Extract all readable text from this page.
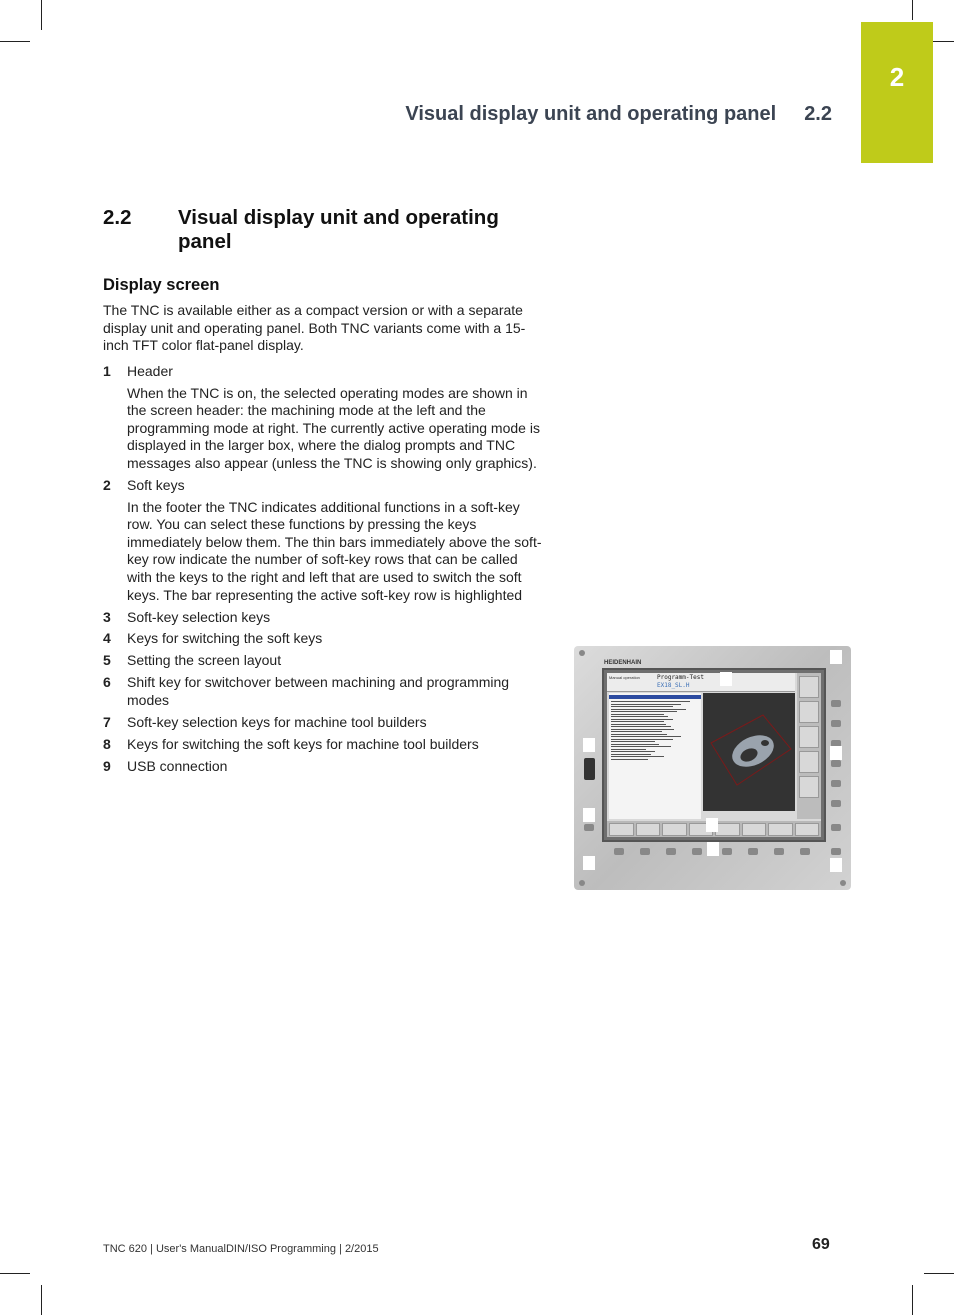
2
Visual display unit and operating panel 2.2
2.2 Visual display unit and operating panel
Display screen
The TNC is available either as a compact version or with a separate display unit and operating panel. Both TNC variants come with a 15-inch TFT color flat-panel display.
1 Header
When the TNC is on, the selected operating modes are shown in the screen header: the machining mode at the left and the programming mode at right. The currently active operating mode is displayed in the larger box, where the dialog prompts and TNC messages also appear (unless the TNC is showing only graphics).
2 Soft keys
In the footer the TNC indicates additional functions in a soft-key row. You can select these functions by pressing the keys immediately below them. The thin bars immediately above the soft-key row indicate the number of soft-key rows that can be called with the keys to the right and left that are used to switch the soft keys. The bar representing the active soft-key row is highlighted
3 Soft-key selection keys
4 Keys for switching the soft keys
5 Setting the screen layout
6 Shift key for switchover between machining and programming modes
7 Soft-key selection keys for machine tool builders
8 Keys for switching the soft keys for machine tool builders
9 USB connection
HEIDENHAIN
Manual operation	Programm-Test
EX18_SL.H
TNC 620 | User's ManualDIN/ISO Programming | 2/2015	69
